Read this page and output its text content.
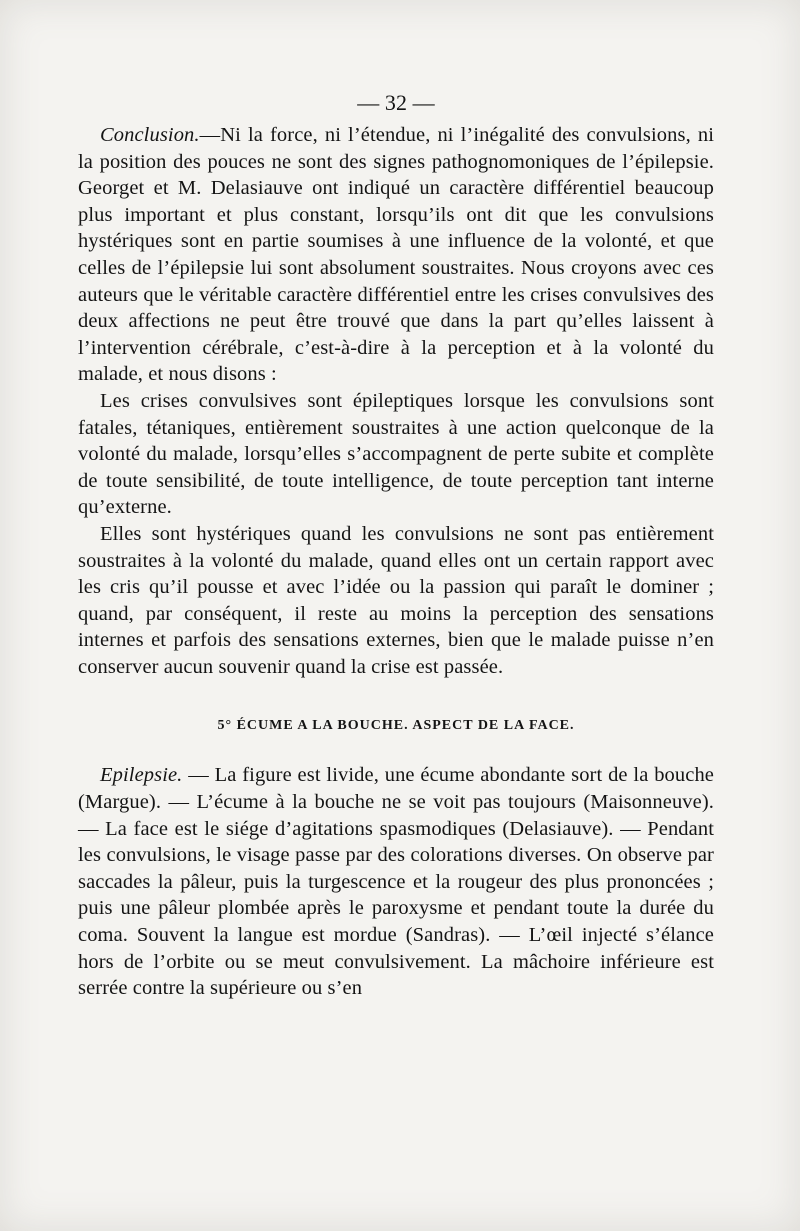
— 32 —

Conclusion.—Ni la force, ni l’étendue, ni l’inégalité des convulsions, ni la position des pouces ne sont des signes pathognomoniques de l’épilepsie. Georget et M. Delasiauve ont indiqué un caractère différentiel beaucoup plus important et plus constant, lorsqu’ils ont dit que les convulsions hystériques sont en partie soumises à une influence de la volonté, et que celles de l’épilepsie lui sont absolument soustraites. Nous croyons avec ces auteurs que le véritable caractère différentiel entre les crises convulsives des deux affections ne peut être trouvé que dans la part qu’elles laissent à l’intervention cérébrale, c’est-à-dire à la perception et à la volonté du malade, et nous disons :

Les crises convulsives sont épileptiques lorsque les convulsions sont fatales, tétaniques, entièrement soustraites à une action quelconque de la volonté du malade, lorsqu’elles s’accompagnent de perte subite et complète de toute sensibilité, de toute intelligence, de toute perception tant interne qu’externe.

Elles sont hystériques quand les convulsions ne sont pas entièrement soustraites à la volonté du malade, quand elles ont un certain rapport avec les cris qu’il pousse et avec l’idée ou la passion qui paraît le dominer ; quand, par conséquent, il reste au moins la perception des sensations internes et parfois des sensations externes, bien que le malade puisse n’en conserver aucun souvenir quand la crise est passée.

5° ÉCUME A LA BOUCHE. ASPECT DE LA FACE.

Epilepsie. — La figure est livide, une écume abondante sort de la bouche (Margue). — L’écume à la bouche ne se voit pas toujours (Maisonneuve). — La face est le siége d’agitations spasmodiques (Delasiauve). — Pendant les convulsions, le visage passe par des colorations diverses. On observe par saccades la pâleur, puis la turgescence et la rougeur des plus prononcées ; puis une pâleur plombée après le paroxysme et pendant toute la durée du coma. Souvent la langue est mordue (Sandras). — L’œil injecté s’élance hors de l’orbite ou se meut convulsivement. La mâchoire inférieure est serrée contre la supérieure ou s’en
